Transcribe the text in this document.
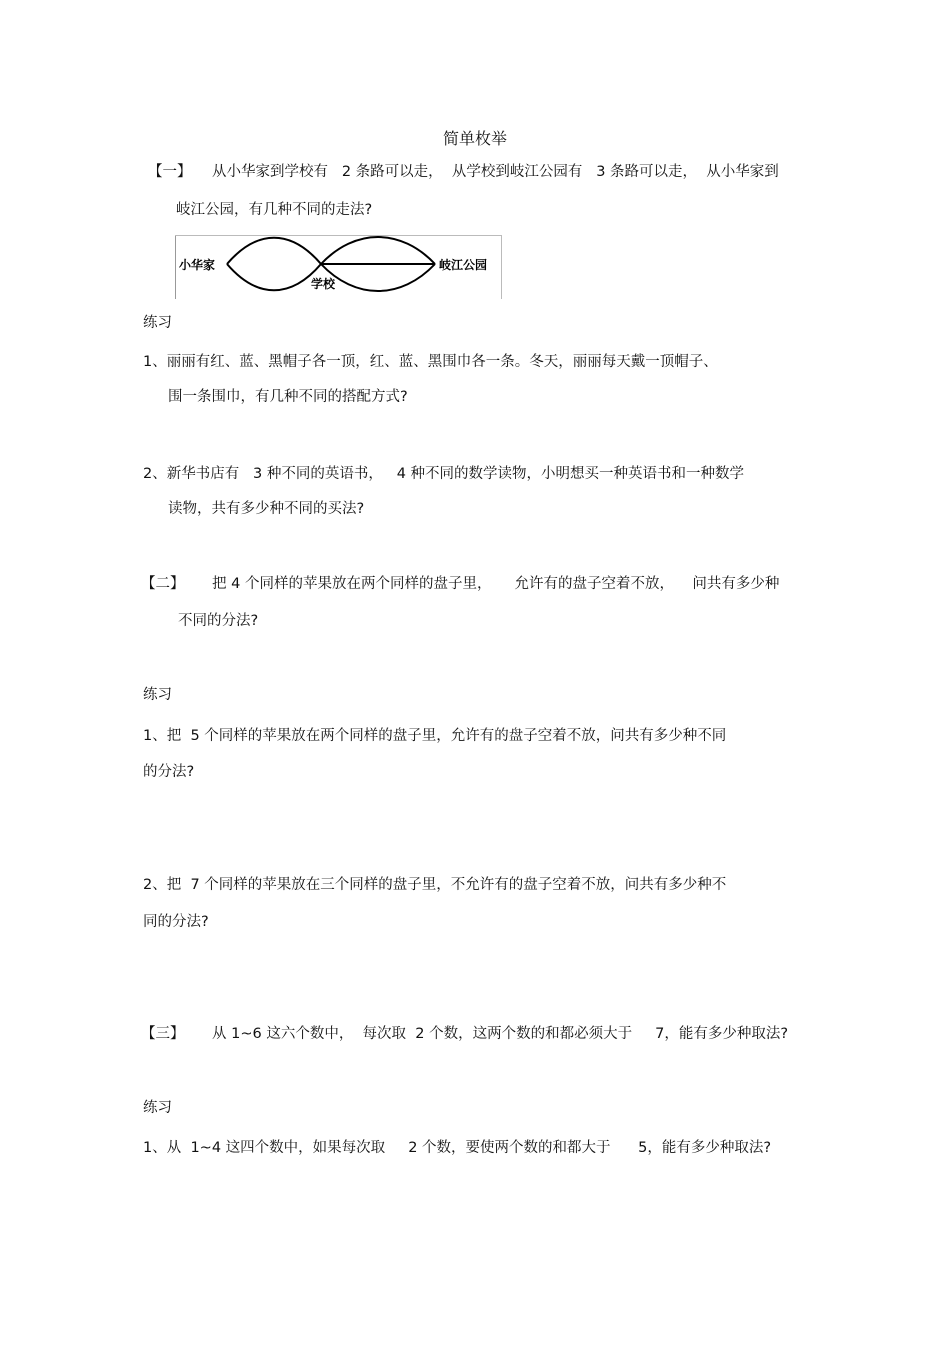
简单枚举
【一】 从小华家到学校有   2 条路可以走，  从学校到岐江公园有   3 条路可以走，  从小华家到
岐江公园，有几种不同的走法?
小华家
学校
岐江公园
练习
1、丽丽有红、蓝、黑帽子各一顶，红、蓝、黑围巾各一条。冬天，丽丽每天戴一顶帽子、
围一条围巾，有几种不同的搭配方式?
2、新华书店有   3 种不同的英语书，   4 种不同的数学读物，小明想买一种英语书和一种数学
读物，共有多少种不同的买法?
【二】 把 4 个同样的苹果放在两个同样的盘子里，     允许有的盘子空着不放，    问共有多少种
不同的分法?
练习
1、把  5 个同样的苹果放在两个同样的盘子里，允许有的盘子空着不放，问共有多少种不同
的分法?
2、把  7 个同样的苹果放在三个同样的盘子里，不允许有的盘子空着不放，问共有多少种不
同的分法?
【三】 从 1~6 这六个数中，  每次取  2 个数，这两个数的和都必须大于     7，能有多少种取法?
练习
1、从  1~4 这四个数中，如果每次取     2 个数，要使两个数的和都大于      5，能有多少种取法?
